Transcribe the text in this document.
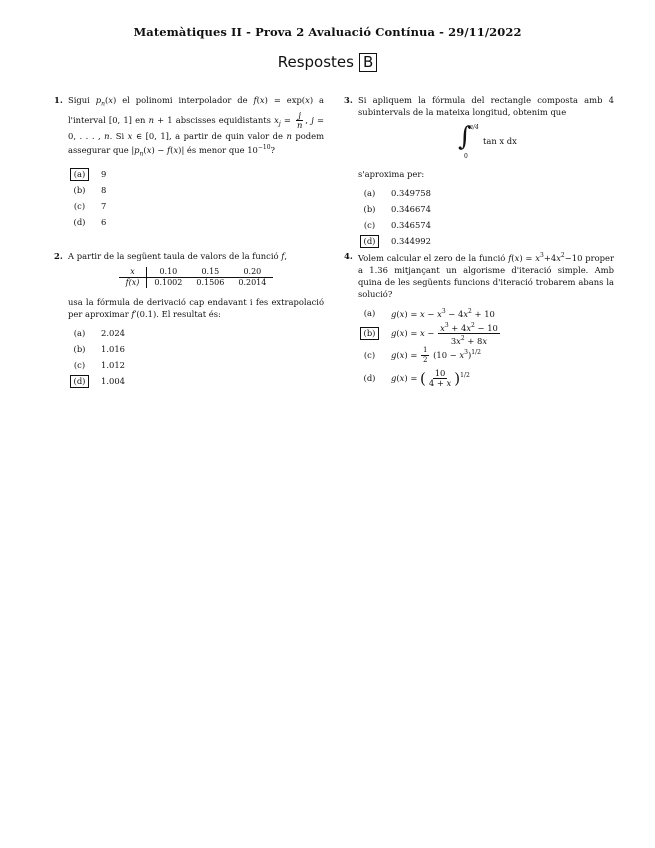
Matemàtiques II - Prova 2 Avaluació Contínua - 29/11/2022
Respostes B
1. Sigui $p_n(x)$ el polinomi interpolador de f(x) = exp(x) a l'interval [0, 1] en n + 1 abscisses equidistants $x_j = \frac{j}{n}$ , j = 0, . . . , n. Si x ∈ [0, 1], a partir de quin valor de n podem assegurar que $|p_n(x) - f(x)|$ és menor que $10^{-10}$?
(a)	9
(b)	8
(c)	7
(d)	6
2. A partir de la següent taula de valors de la funció f,
x	0.10	0.15	0.20
f(x)	0.1002	0.1506	0.2014
usa la fórmula de derivació cap endavant i fes extrapolació per aproximar f′(0.1). El resultat és:
(a)	2.024
(b)	1.016
(c)	1.012
(d)	1.004
3. Si apliquem la fórmula del rectangle composta amb 4 subintervals de la mateixa longitud, obtenim que
∫
π/4
0
tan x dx
s'aproxima per:
(a)	0.349758
(b)	0.346674
(c)	0.346574
(d)	0.344992
4. Volem calcular el zero de la funció $f(x) = x^3+4x^2-10$ proper a 1.36 mitjançant un algorisme d'iteració simple. Amb quina de les següents funcions d'iteració trobarem abans la solució?
(a)	$g(x) = x - x^3 - 4x^2 + 10$
(b)	$g(x) = x - \frac{x^3 + 4x^2 - 10}{3x^2 + 8x}$
(c)	$g(x) = \frac{1}{2} (10 - x^3)^{1/2}$
(d)	g(x) = ( $\frac{10}{4 + x} )^{1/2}$
